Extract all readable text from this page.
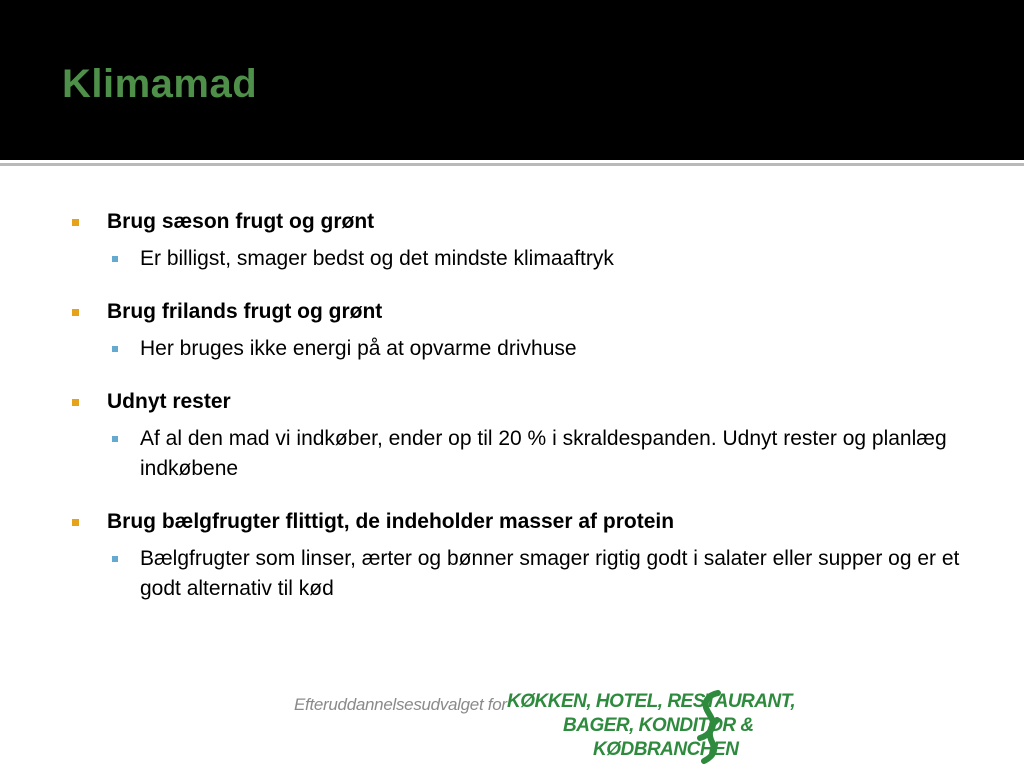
Klimamad
Brug sæson frugt og grønt
Er billigst, smager bedst og det mindste klimaaftryk
Brug frilands frugt og grønt
Her bruges ikke energi på at opvarme drivhuse
Udnyt rester
Af al den mad vi indkøber, ender op til 20 % i skraldespanden. Udnyt rester og planlæg indkøbene
Brug bælgfrugter flittigt, de indeholder masser af protein
Bælgfrugter som linser, ærter og bønner smager rigtig godt i salater eller supper og er et godt alternativ til kød
Efteruddannelsesudvalget for KØKKEN, HOTEL, RESTAURANT,
BAGER, KONDITOR &
KØDBRANCHEN
